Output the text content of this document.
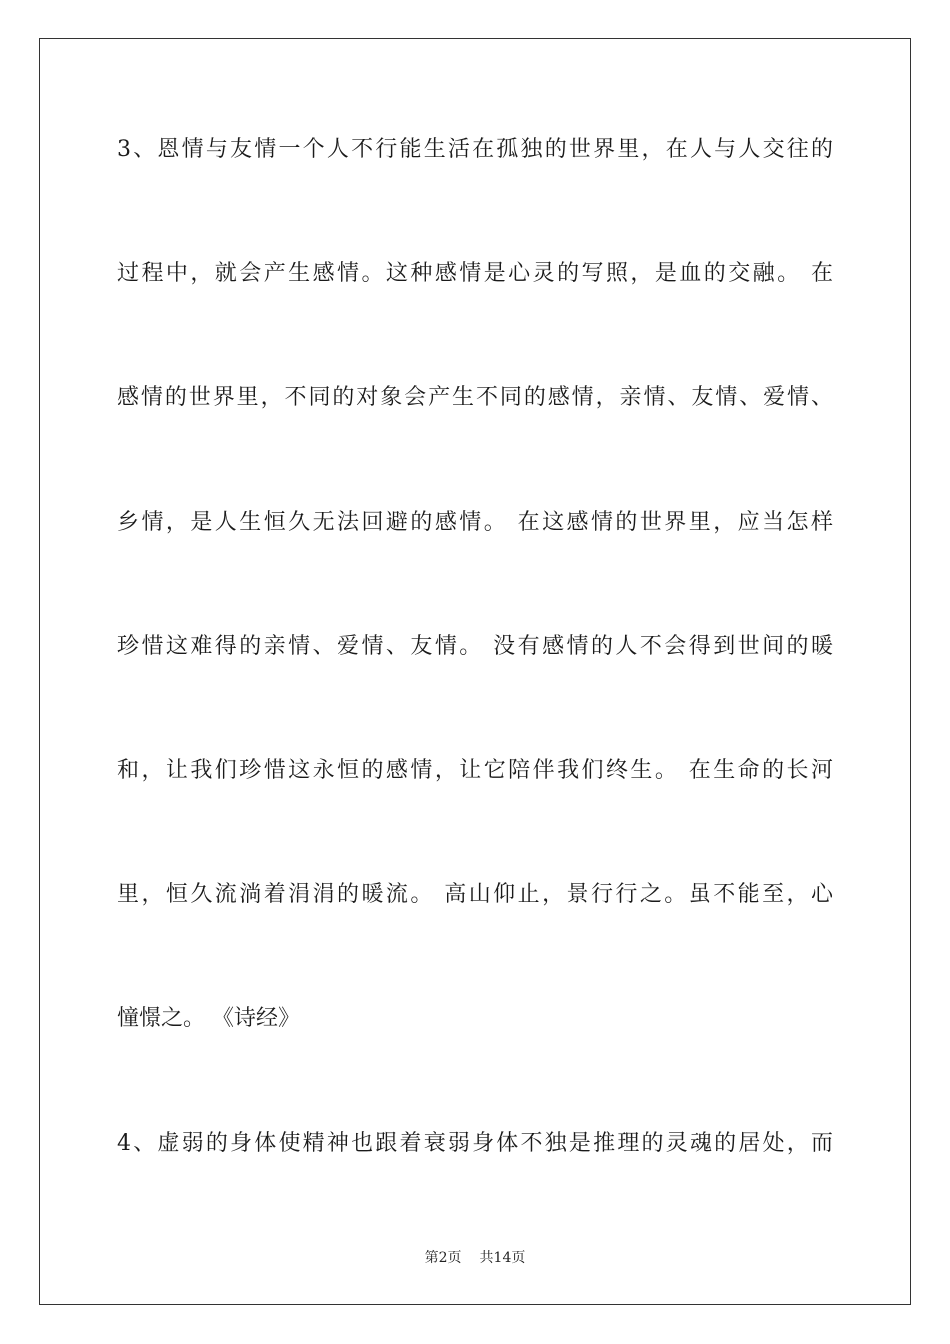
3、恩情与友情一个人不行能生活在孤独的世界里，在人与人交往的

过程中，就会产生感情。这种感情是心灵的写照，是血的交融。 在

感情的世界里，不同的对象会产生不同的感情，亲情、友情、爱情、

乡情，是人生恒久无法回避的感情。 在这感情的世界里，应当怎样

珍惜这难得的亲情、爱情、友情。 没有感情的人不会得到世间的暖

和，让我们珍惜这永恒的感情，让它陪伴我们终生。 在生命的长河

里，恒久流淌着涓涓的暖流。 高山仰止，景行行之。虽不能至，心

憧憬之。 《诗经》

4、虚弱的身体使精神也跟着衰弱身体不独是推理的灵魂的居处，而

第2页 共14页
